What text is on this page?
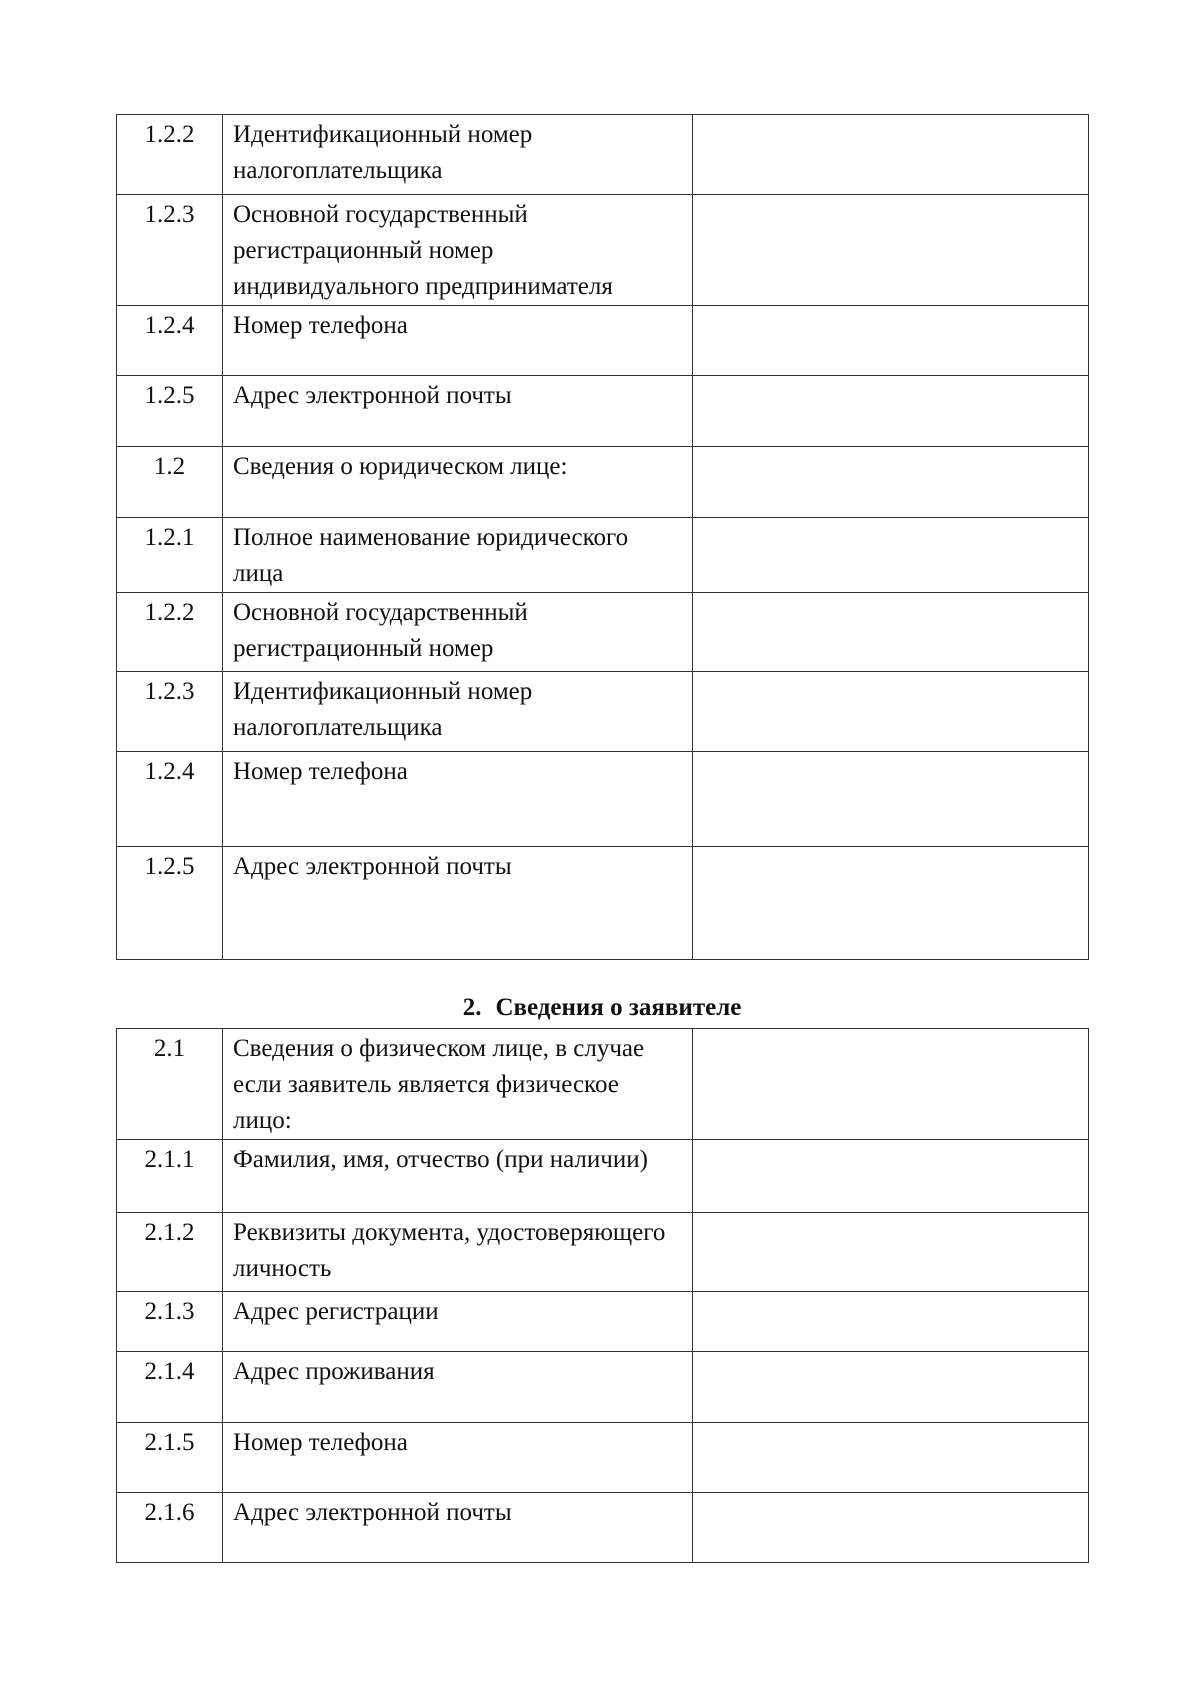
1.2.2	Идентификационный номер налогоплательщика	
1.2.3	Основной государственный регистрационный номер индивидуального предпринимателя	
1.2.4	Номер телефона	
1.2.5	Адрес электронной почты	
1.2	Сведения о юридическом лице:	
1.2.1	Полное наименование юридического лица	
1.2.2	Основной государственный регистрационный номер	
1.2.3	Идентификационный номер налогоплательщика	
1.2.4	Номер телефона	
1.2.5	Адрес электронной почты	
2. Сведения о заявителе
2.1	Сведения о физическом лице, в случае если заявитель является физическое лицо:	
2.1.1	Фамилия, имя, отчество (при наличии)	
2.1.2	Реквизиты документа, удостоверяющего личность	
2.1.3	Адрес регистрации	
2.1.4	Адрес проживания	
2.1.5	Номер телефона	
2.1.6	Адрес электронной почты	
